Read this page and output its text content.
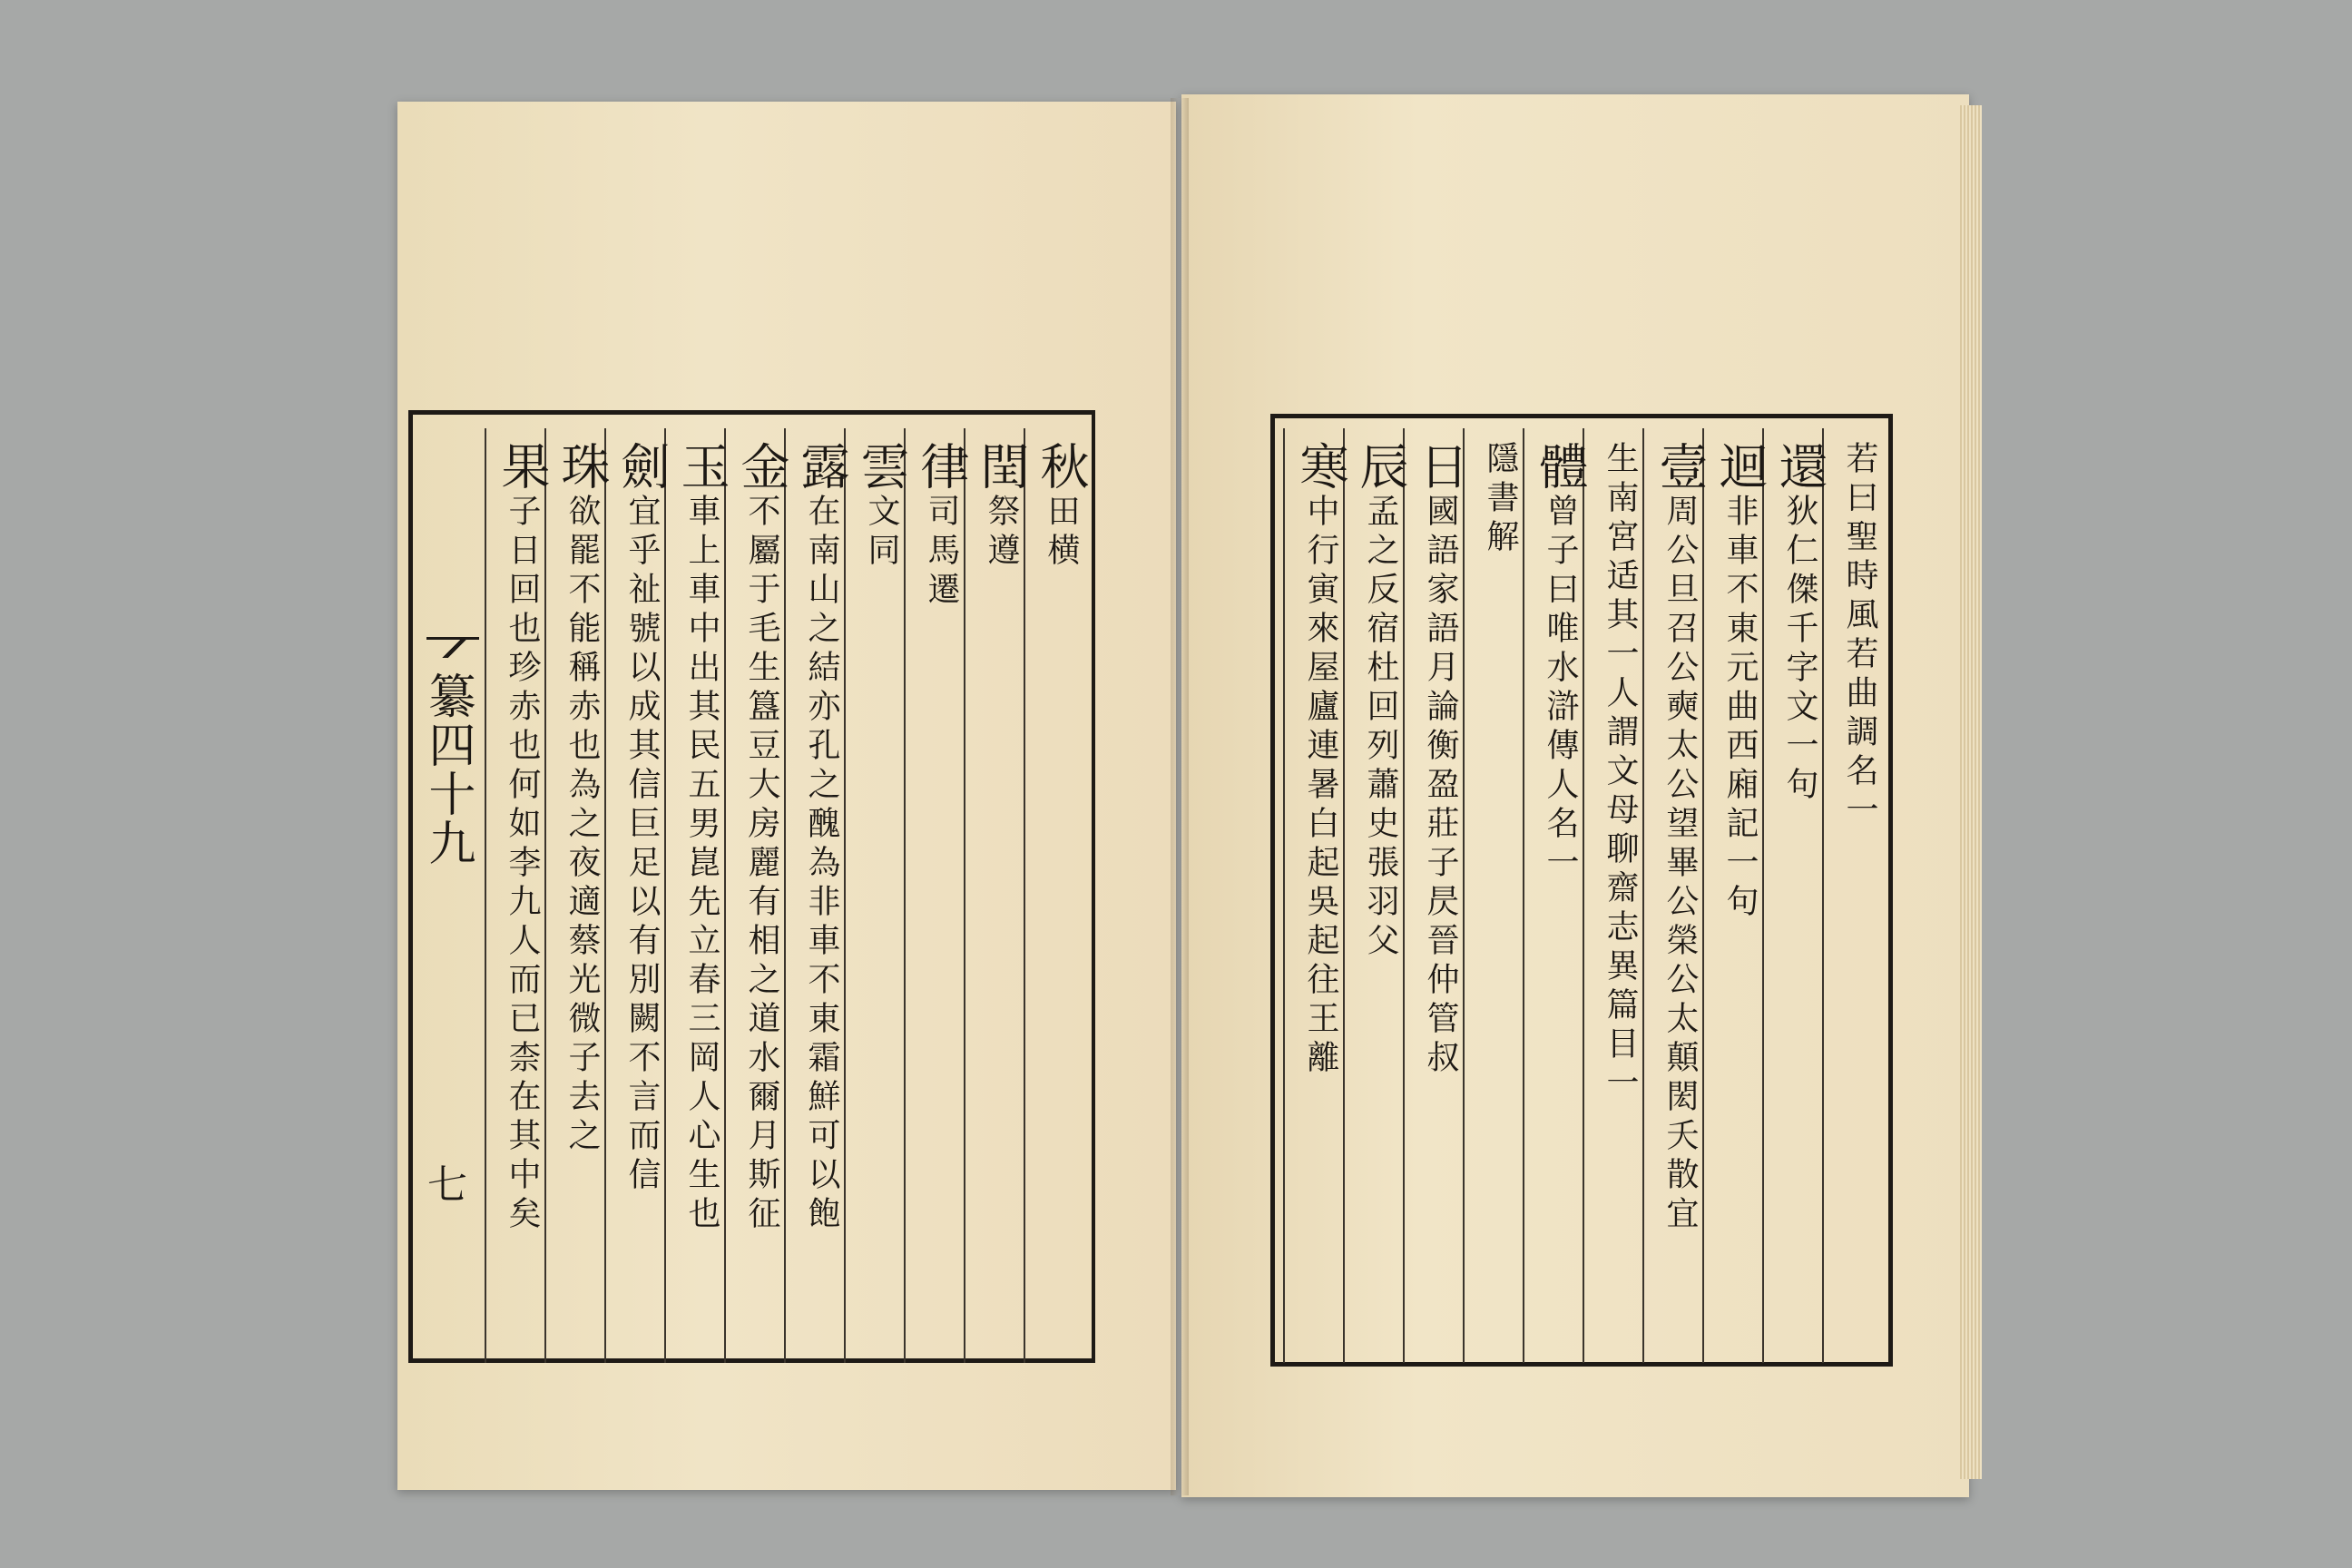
纂四十九
七
秋田横
閏祭遵
律司馬遷
雲文同
露在南山之結亦孔之醜為非車不東霜鮮可以飽
金不屬于毛生簋豆大房麗有相之道水爾月斯征
玉車上車中出其民五男崑先立春三岡人心生也
劍宜乎祉號以成其信巨足以有別闕不言而信
珠欲罷不能稱赤也為之夜適蔡光微子去之
果子日回也珍赤也何如李九人而已柰在其中矣	若曰聖時風若曲調名一
還狄仁傑千字文一句
迴非車不東元曲西廂記一句
壹周公旦召公奭太公望畢公榮公太顛閎夭散宜
生南宮适其一人謂文母聊齋志異篇目一
體曾子曰唯水滸傳人名一
隱書解
日國語家語月論衡盈莊子昃晉仲管叔
辰孟之反宿杜回列蕭史張羽父
寒中行寅來屋廬連暑白起吳起往王離
